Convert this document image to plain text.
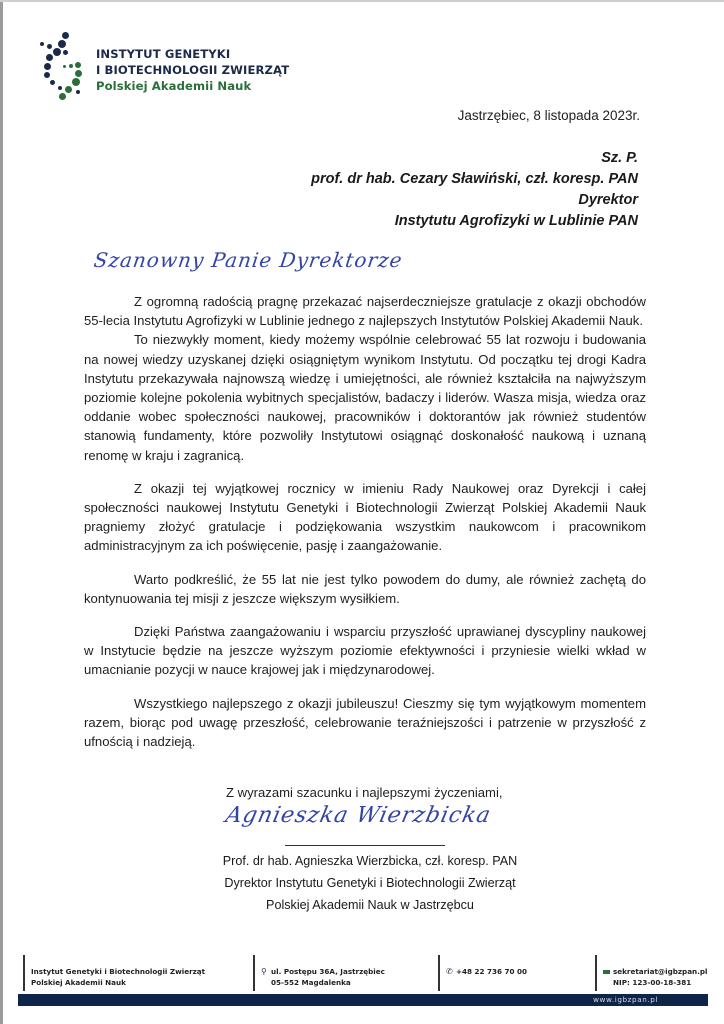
INSTYTUT GENETYKI
I BIOTECHNOLOGII ZWIERZĄT
Polskiej Akademii Nauk
Jastrzębiec, 8 listopada 2023r.
Sz. P.
prof. dr hab. Cezary Sławiński, czł. koresp. PAN
Dyrektor
Instytutu Agrofizyki w Lublinie PAN
Szanowny Panie Dyrektorze

Z ogromną radością pragnę przekazać najserdeczniejsze gratulacje z okazji obchodów 55-lecia Instytutu Agrofizyki w Lublinie jednego z najlepszych Instytutów Polskiej Akademii Nauk.

To niezwykły moment, kiedy możemy wspólnie celebrować 55 lat rozwoju i budowania na nowej wiedzy uzyskanej dzięki osiągniętym wynikom Instytutu. Od początku tej drogi Kadra Instytutu przekazywała najnowszą wiedzę i umiejętności, ale również kształciła na najwyższym poziomie kolejne pokolenia wybitnych specjalistów, badaczy i liderów. Wasza misja, wiedza oraz oddanie wobec społeczności naukowej, pracowników i doktorantów jak również studentów stanowią fundamenty, które pozwoliły Instytutowi osiągnąć doskonałość naukową i uznaną renomę w kraju i zagranicą.

Z okazji tej wyjątkowej rocznicy w imieniu Rady Naukowej oraz Dyrekcji i całej społeczności naukowej Instytutu Genetyki i Biotechnologii Zwierząt Polskiej Akademii Nauk pragniemy złożyć gratulacje i podziękowania wszystkim naukowcom i pracownikom administracyjnym za ich poświęcenie, pasję i zaangażowanie.

Warto podkreślić, że 55 lat nie jest tylko powodem do dumy, ale również zachętą do kontynuowania tej misji z jeszcze większym wysiłkiem.

Dzięki Państwa zaangażowaniu i wsparciu przyszłość uprawianej dyscypliny naukowej w Instytucie będzie na jeszcze wyższym poziomie efektywności i przyniesie wielki wkład w umacnianie pozycji w nauce krajowej jak i międzynarodowej.

Wszystkiego najlepszego z okazji jubileuszu! Cieszmy się tym wyjątkowym momentem razem, biorąc pod uwagę przeszłość, celebrowanie teraźniejszości i patrzenie w przyszłość z ufnością i nadzieją.

Z wyrazami szacunku i najlepszymi życzeniami,
Agnieszka Wierzbicka
Prof. dr hab. Agnieszka Wierzbicka, czł. koresp. PAN
Dyrektor Instytutu Genetyki i Biotechnologii Zwierząt
Polskiej Akademii Nauk w Jastrzębcu
Instytut Genetyki i Biotechnologii Zwierząt
Polskiej Akademii Nauk
⚲ ul. Postępu 36A, Jastrzębiec
05-552 Magdalenka
✆ +48 22 736 70 00	sekretariat@igbzpan.pl
NIP: 123-00-18-381
www.igbzpan.pl
